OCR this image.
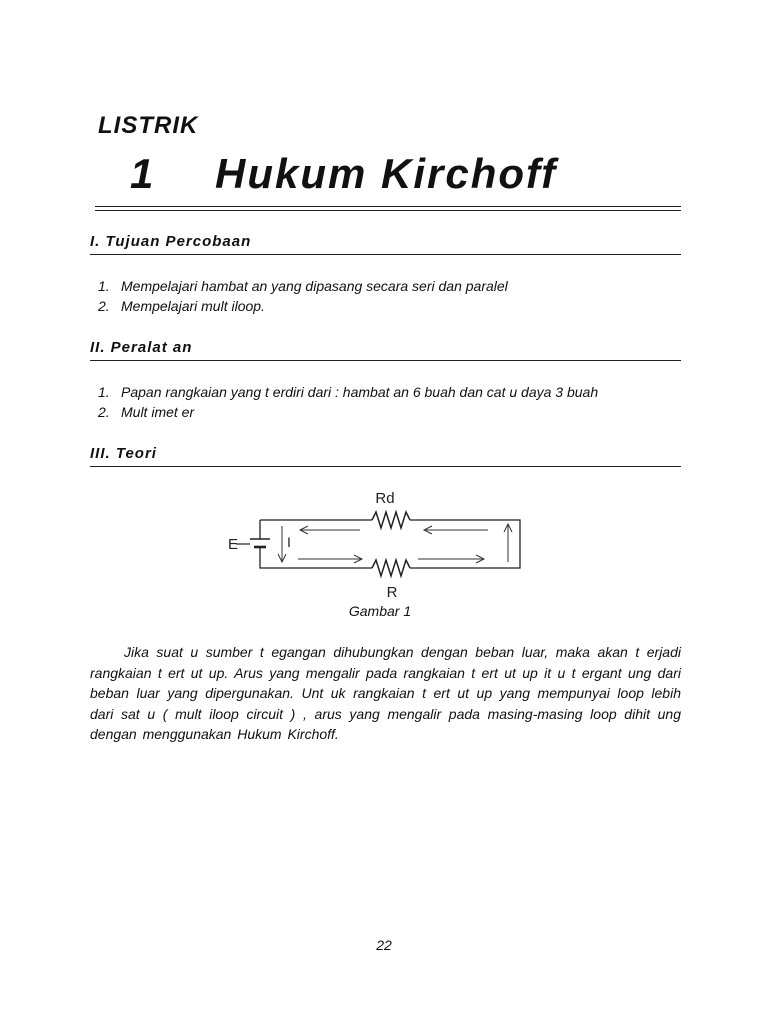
LISTRIK
1 Hukum Kirchoff
I. Tujuan Percobaan
1. Mempelajari hambat an yang dipasang secara seri dan paralel
2. Mempelajari mult iloop.
II. Peralat an
1. Papan rangkaian yang t erdiri dari : hambat an 6 buah dan cat u daya 3 buah
2. Mult imet er
III. Teori
Rd
R
E	I
Gambar 1

Jika suat u sumber t egangan dihubungkan dengan beban luar, maka akan t erjadi rangkaian t ert ut up. Arus yang mengalir pada rangkaian t ert ut up it u t ergant ung dari beban luar yang dipergunakan. Unt uk rangkaian t ert ut up yang mempunyai loop lebih dari sat u ( mult iloop circuit ) , arus yang mengalir pada masing-masing loop dihit ung dengan menggunakan Hukum Kirchoff.

22
